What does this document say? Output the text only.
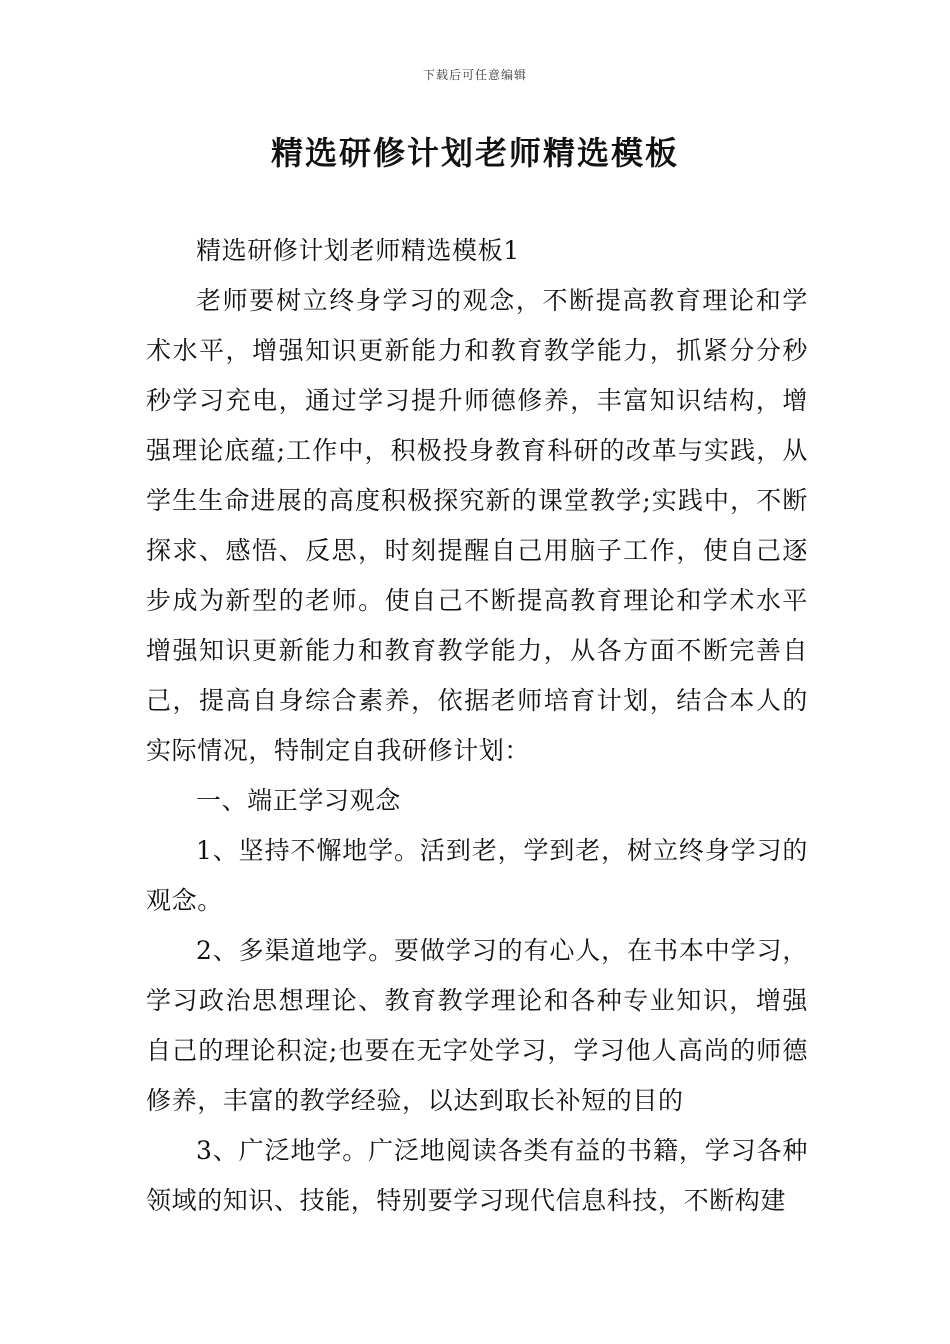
下载后可任意编辑
精选研修计划老师精选模板

精选研修计划老师精选模板1

老师要树立终身学习的观念，不断提高教育理论和学术水平，增强知识更新能力和教育教学能力，抓紧分分秒秒学习充电，通过学习提升师德修养，丰富知识结构，增强理论底蕴;工作中，积极投身教育科研的改革与实践，从学生生命进展的高度积极探究新的课堂教学;实践中，不断探求、感悟、反思，时刻提醒自己用脑子工作，使自己逐步成为新型的老师。使自己不断提高教育理论和学术水平增强知识更新能力和教育教学能力，从各方面不断完善自己，提高自身综合素养，依据老师培育计划，结合本人的实际情况，特制定自我研修计划：

一、端正学习观念

1、坚持不懈地学。活到老，学到老，树立终身学习的观念。

2、多渠道地学。要做学习的有心人，在书本中学习，学习政治思想理论、教育教学理论和各种专业知识，增强自己的理论积淀;也要在无字处学习，学习他人高尚的师德修养，丰富的教学经验，以达到取长补短的目的

3、广泛地学。广泛地阅读各类有益的书籍，学习各种领域的知识、技能，特别要学习现代信息科技，不断构建
